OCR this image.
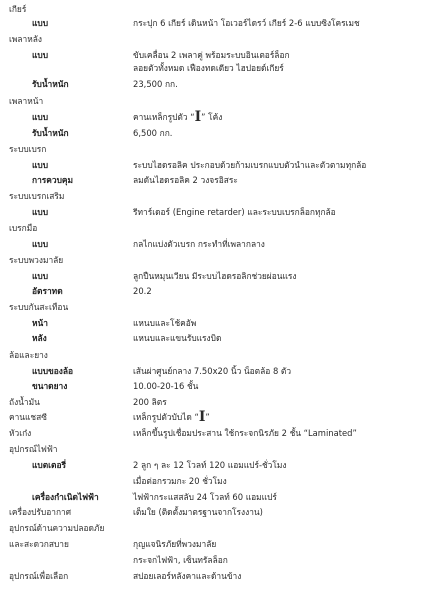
เกียร์
แบบ	กระปุก 6 เกียร์ เดินหน้า โอเวอร์ไดรว์ เกียร์ 2-6 แบบซิงโครเมช
เพลาหลัง
แบบ	ขับเคลื่อน 2 เพลาคู่ พร้อมระบบอินเตอร์ล็อก
ลอยตัวทั้งหมด เฟืองทดเดียว ไฮปอยด์เกียร์
รับน้ำหนัก	23,500 กก.
เพลาหน้า
แบบ	คานเหล็กรูปตัว “I” โค้ง
รับน้ำหนัก	6,500 กก.
ระบบเบรก
แบบ	ระบบไฮดรอลิค ประกอบด้วยก้ามเบรกแบบตัวนำและตัวตามทุกล้อ
การควบคุม	ลมดันไฮดรอลิค 2 วงจรอิสระ
ระบบเบรกเสริม
แบบ	รีทาร์เดอร์ (Engine retarder) และระบบเบรกล็อกทุกล้อ
เบรกมือ
แบบ	กลไกแบ่งตัวเบรก กระทำที่เพลากลาง
ระบบพวงมาลัย
แบบ	ลูกปืนหมุนเวียน มีระบบไฮดรอลิกช่วยผ่อนแรง
อัตราทด	20.2
ระบบกันสะเทือน
หน้า	แหนบและโช้คอัพ
หลัง	แหนบและแขนรับแรงบิด
ล้อและยาง
แบบของล้อ	เส้นผ่าศูนย์กลาง 7.50x20 นิ้ว น็อตล้อ 8 ตัว
ขนาดยาง	10.00-20-16 ชั้น
ถังน้ำมัน	200 ลิตร
คานแชสซี	เหล็กรูปตัวบับได “I”
หัวเก๋ง	เหล็กขึ้นรูปเชื่อมประสาน ใช้กระจกนิรภัย 2 ชั้น “Laminated”
อุปกรณ์ไฟฟ้า
แบตเตอรี่	2 ลูก ๆ ละ 12 โวลท์ 120 แอมแปร์-ชั่วโมง
เมื่อต่อกรวมกะ 20 ชั่วโมง
เครื่องกำเนิดไฟฟ้า	ไฟฟ้ากระแสสลับ 24 โวลท์ 60 แอมแปร์
เครื่องปรับอากาศ	เต็มใย (ติดตั้งมาตรฐานจากโรงงาน)
อุปกรณ์ด้านความปลอดภัย
และสะดวกสบาย	กุญแจนิรภัยที่พวงมาลัย
กระจกไฟฟ้า, เซ็นทรัลล็อก
อุปกรณ์เพื่อเลือก	สปอยเลอร์หลังคาและด้านข้าง
